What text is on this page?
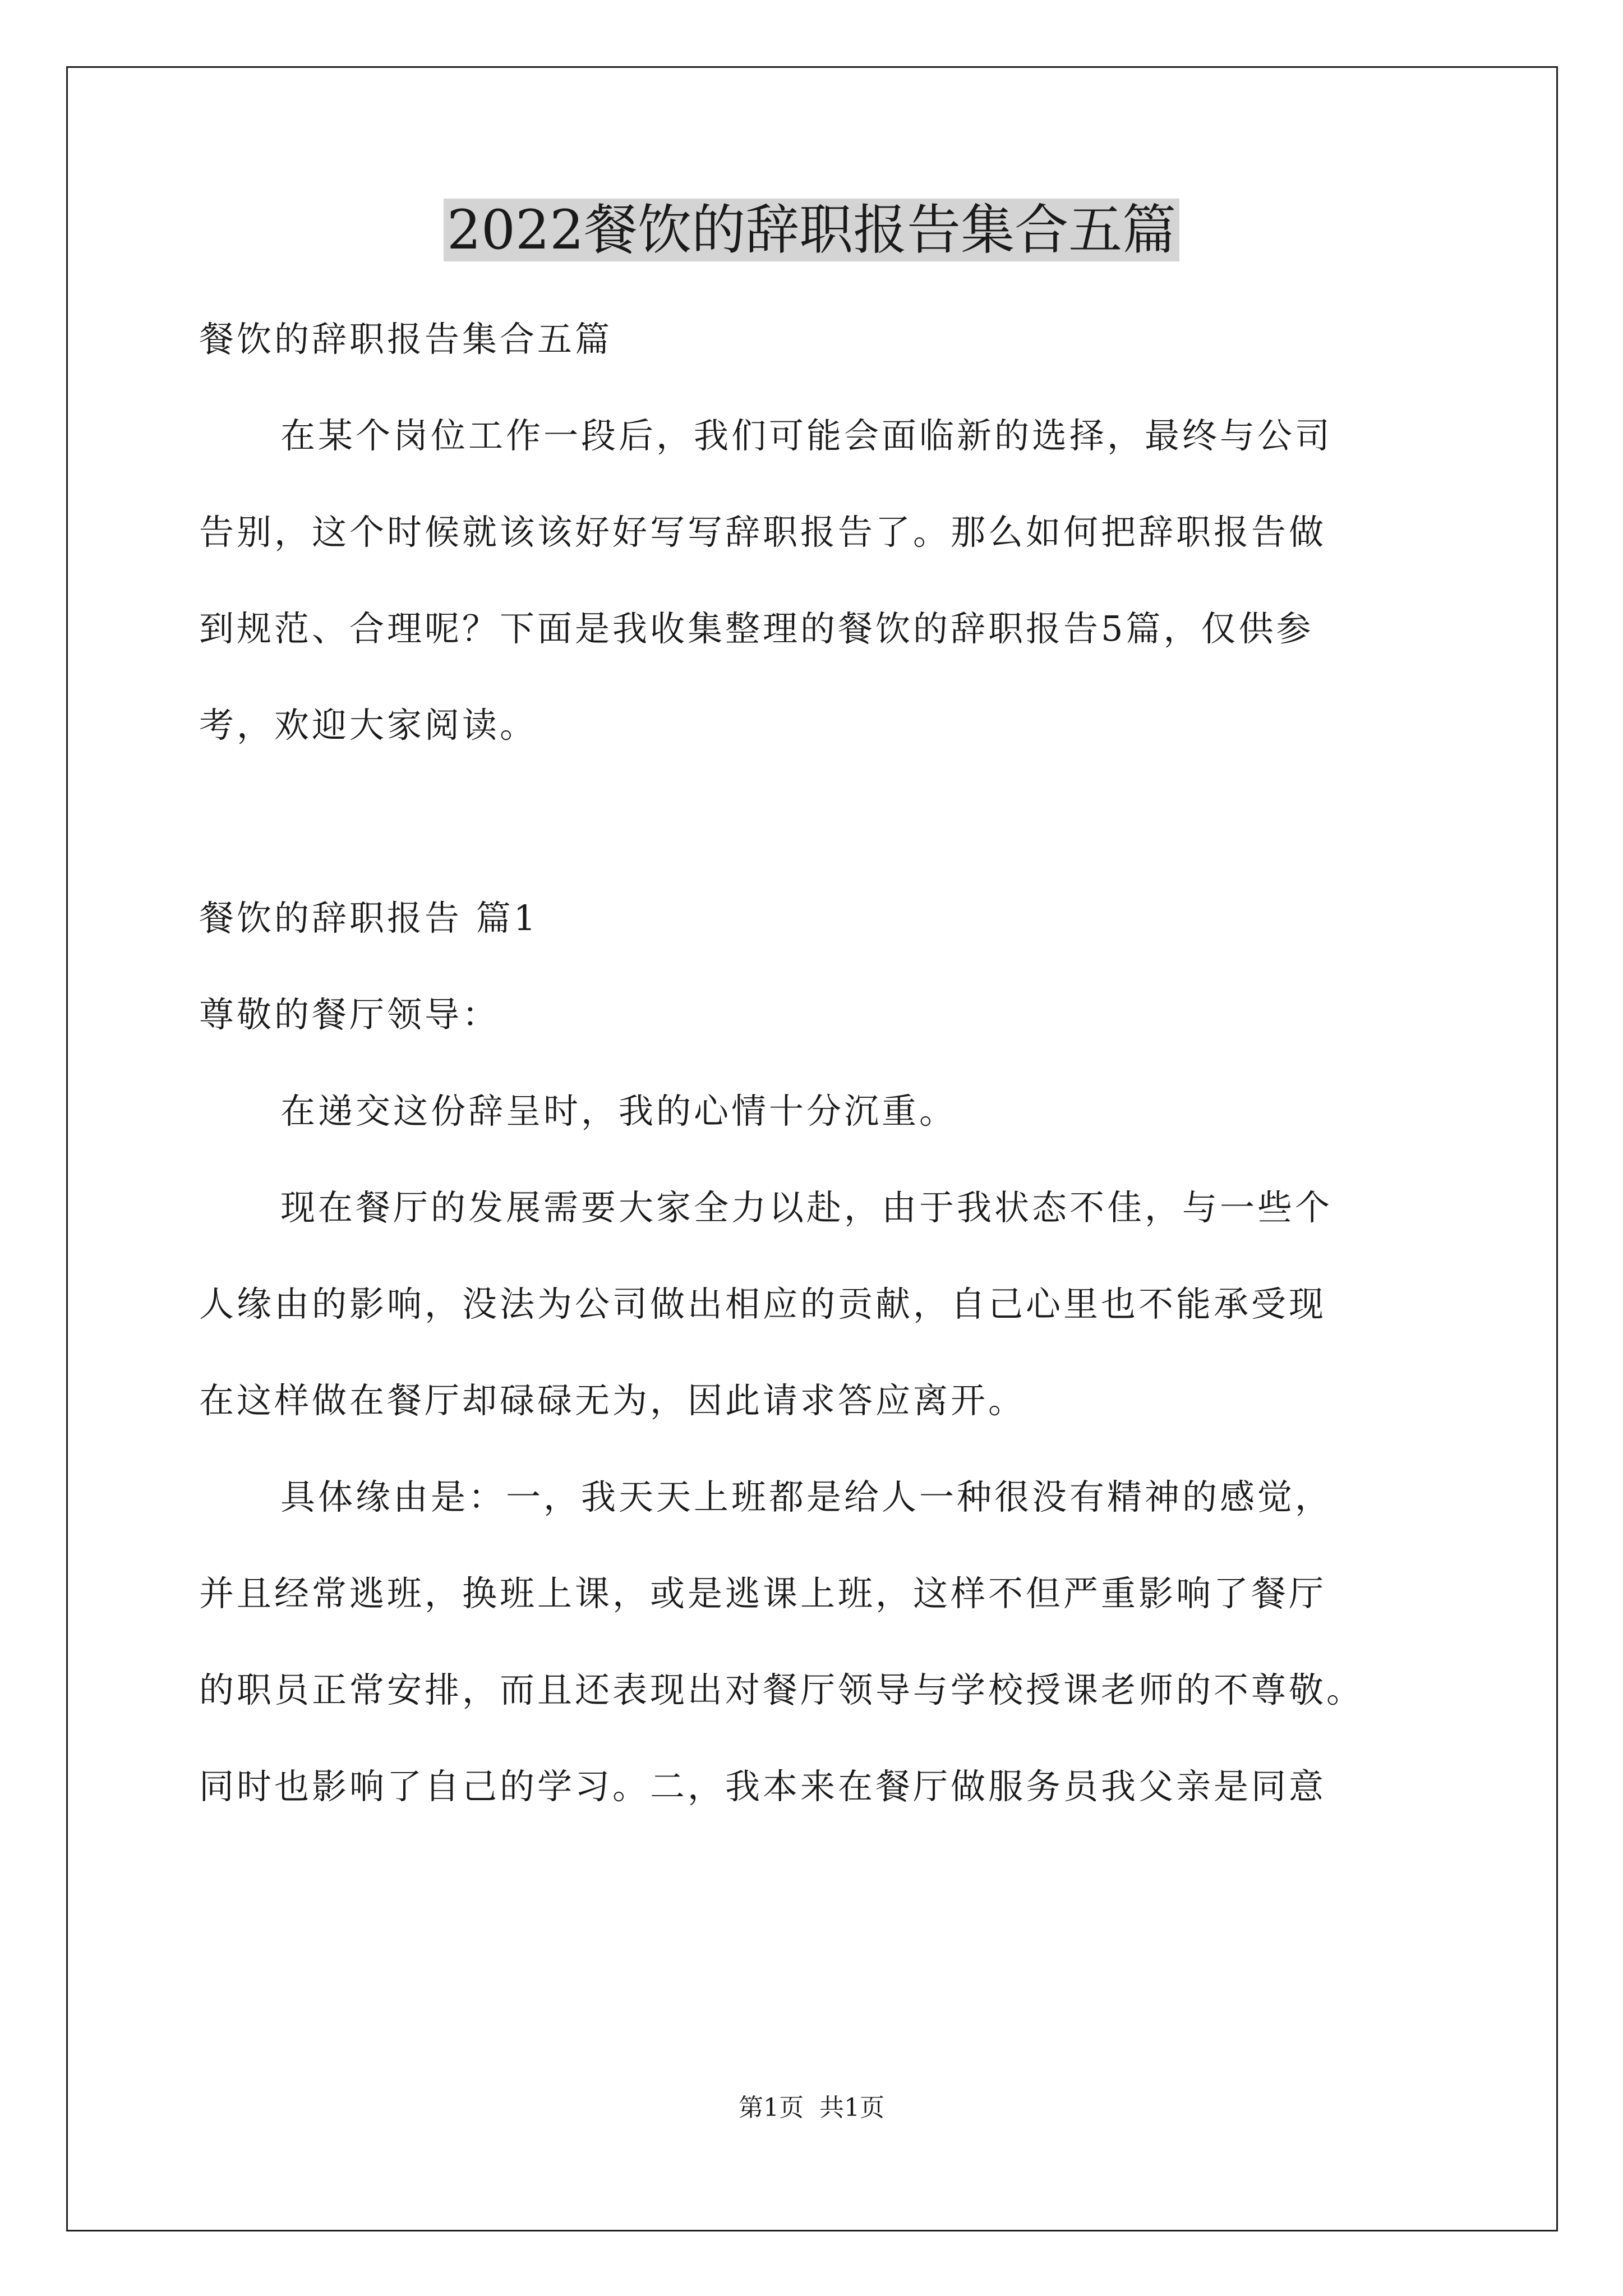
2022餐饮的辞职报告集合五篇
餐饮的辞职报告集合五篇
在某个岗位工作一段后，我们可能会面临新的选择，最终与公司
告别，这个时候就该该好好写写辞职报告了。那么如何把辞职报告做
到规范、合理呢？下面是我收集整理的餐饮的辞职报告5篇，仅供参
考，欢迎大家阅读。
餐饮的辞职报告 篇1
尊敬的餐厅领导：
在递交这份辞呈时，我的心情十分沉重。
现在餐厅的发展需要大家全力以赴，由于我状态不佳，与一些个
人缘由的影响，没法为公司做出相应的贡献，自己心里也不能承受现
在这样做在餐厅却碌碌无为，因此请求答应离开。
具体缘由是：一，我天天上班都是给人一种很没有精神的感觉，
并且经常逃班，换班上课，或是逃课上班，这样不但严重影响了餐厅
的职员正常安排，而且还表现出对餐厅领导与学校授课老师的不尊敬。
同时也影响了自己的学习。二，我本来在餐厅做服务员我父亲是同意
第1页  共1页
